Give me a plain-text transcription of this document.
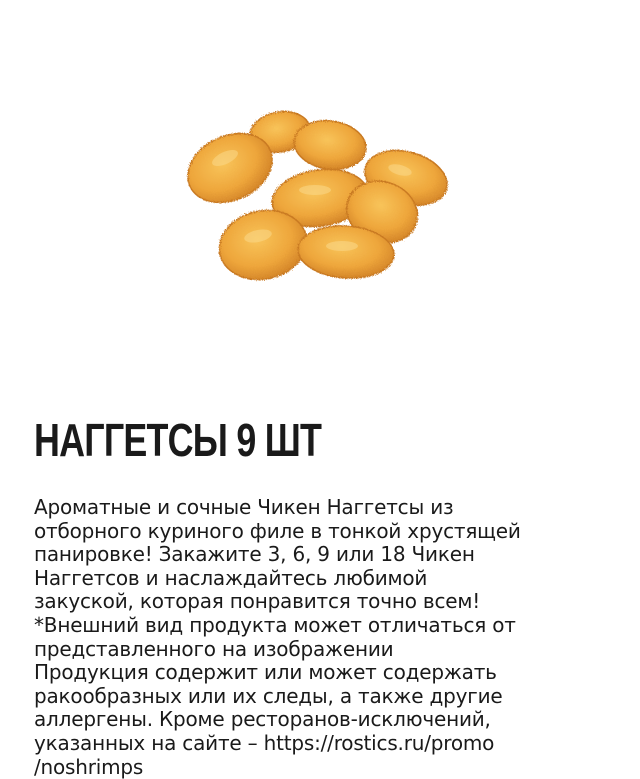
НАГГЕТСЫ 9 ШТ
Ароматные и сочные Чикен Наггетсы из
отборного куриного филе в тонкой хрустящей
панировке! Закажите 3, 6, 9 или 18 Чикен
Наггетсов и наслаждайтесь любимой
закуской, которая понравится точно всем!
*Внешний вид продукта может отличаться от
представленного на изображении
Продукция содержит или может содержать
ракообразных или их следы, а также другие
аллергены. Кроме ресторанов-исключений,
указанных на сайте – https://rostics.ru/promo
/noshrimps
